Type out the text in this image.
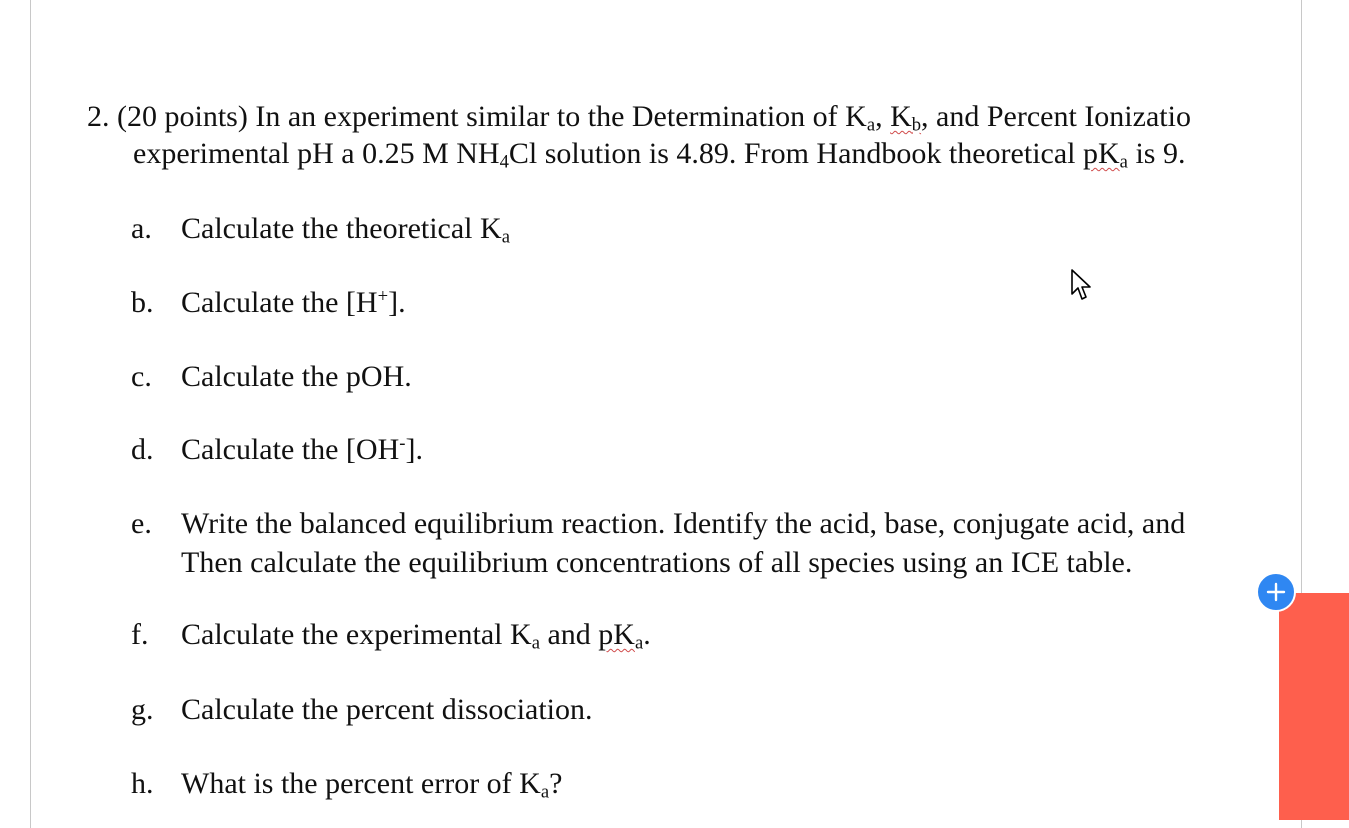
2. (20 points) In an experiment similar to the Determination of $K_a$, $K_b$, and Percent Ionizatio
experimental pH a 0.25 M $NH_4Cl$ solution is 4.89. From Handbook theoretical $pK_a$ is 9.
a. Calculate the theoretical $K_a$
b. Calculate the [H+].
c. Calculate the pOH.
d. Calculate the [OH-].
e. Write the balanced equilibrium reaction. Identify the acid, base, conjugate acid, and
Then calculate the equilibrium concentrations of all species using an ICE table.
f. Calculate the experimental $K_a$ and $pK_a$.
g. Calculate the percent dissociation.
h. What is the percent error of $K_a$?
